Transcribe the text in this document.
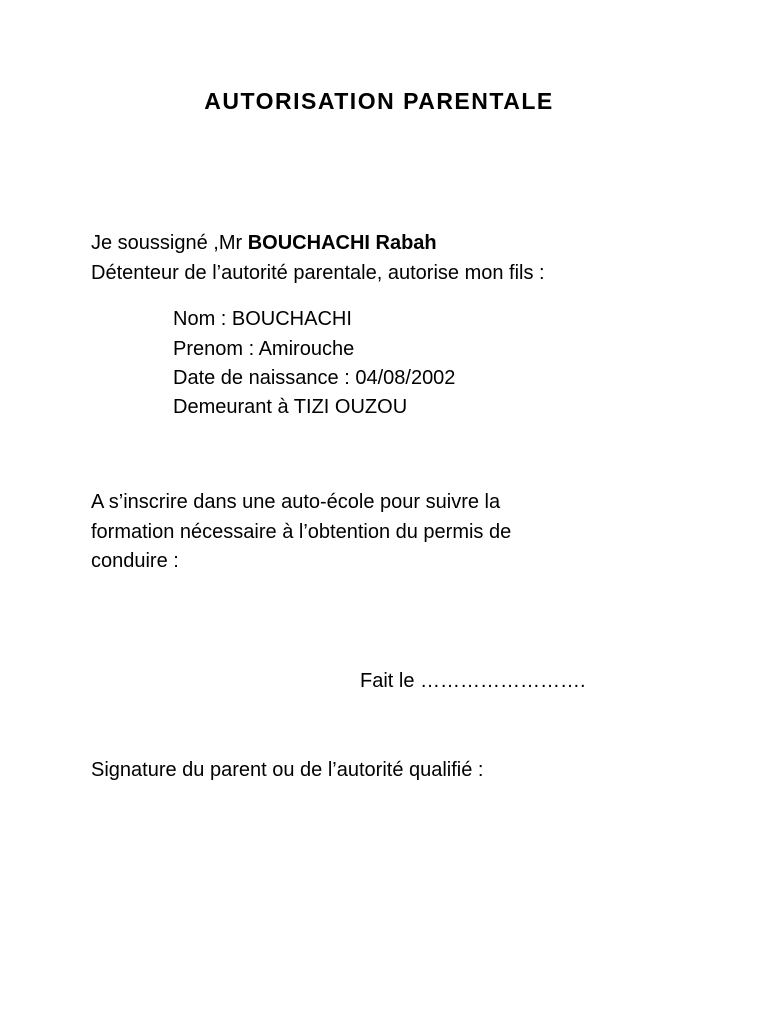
AUTORISATION PARENTALE
Je soussigné ,Mr BOUCHACHI Rabah
Détenteur de l’autorité parentale, autorise mon fils :
Nom : BOUCHACHI
Prenom : Amirouche
Date de naissance : 04/08/2002
Demeurant à TIZI OUZOU
A s’inscrire dans une auto-école pour suivre la
formation nécessaire à l’obtention du permis de
conduire :
Fait le …………………….
Signature du parent ou de l’autorité qualifié :
